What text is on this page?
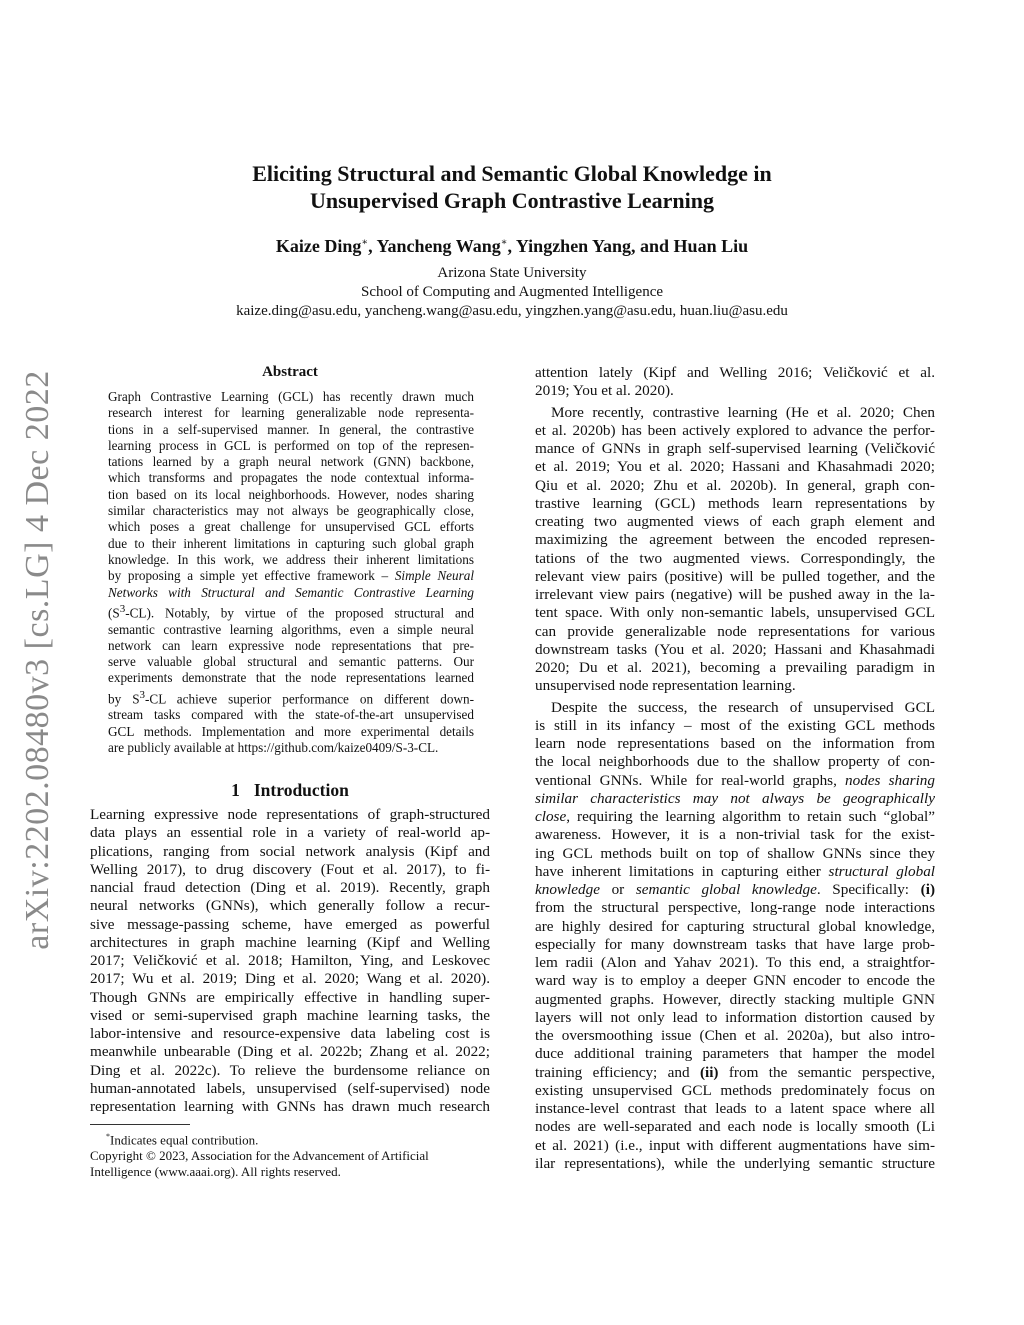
arXiv:2202.08480v3 [cs.LG] 4 Dec 2022
Eliciting Structural and Semantic Global Knowledge in
Unsupervised Graph Contrastive Learning
Kaize Ding∗, Yancheng Wang∗, Yingzhen Yang, and Huan Liu
Arizona State University
School of Computing and Augmented Intelligence
kaize.ding@asu.edu, yancheng.wang@asu.edu, yingzhen.yang@asu.edu, huan.liu@asu.edu
Abstract
Graph Contrastive Learning (GCL) has recently drawn much
research interest for learning generalizable node representa-
tions in a self-supervised manner. In general, the contrastive
learning process in GCL is performed on top of the represen-
tations learned by a graph neural network (GNN) backbone,
which transforms and propagates the node contextual informa-
tion based on its local neighborhoods. However, nodes sharing
similar characteristics may not always be geographically close,
which poses a great challenge for unsupervised GCL efforts
due to their inherent limitations in capturing such global graph
knowledge. In this work, we address their inherent limitations
by proposing a simple yet effective framework – Simple Neural
Networks with Structural and Semantic Contrastive Learning
$(S^3-CL)$. Notably, by virtue of the proposed structural and
semantic contrastive learning algorithms, even a simple neural
network can learn expressive node representations that pre-
serve valuable global structural and semantic patterns. Our
experiments demonstrate that the node representations learned
by $S^3-CL$ achieve superior performance on different down-
stream tasks compared with the state-of-the-art unsupervised
GCL methods. Implementation and more experimental details
are publicly available at https://github.com/kaize0409/S-3-CL.
1 Introduction
Learning expressive node representations of graph-structured
data plays an essential role in a variety of real-world ap-
plications, ranging from social network analysis (Kipf and
Welling 2017), to drug discovery (Fout et al. 2017), to fi-
nancial fraud detection (Ding et al. 2019). Recently, graph
neural networks (GNNs), which generally follow a recur-
sive message-passing scheme, have emerged as powerful
architectures in graph machine learning (Kipf and Welling
2017; Veličković et al. 2018; Hamilton, Ying, and Leskovec
2017; Wu et al. 2019; Ding et al. 2020; Wang et al. 2020).
Though GNNs are empirically effective in handling super-
vised or semi-supervised graph machine learning tasks, the
labor-intensive and resource-expensive data labeling cost is
meanwhile unbearable (Ding et al. 2022b; Zhang et al. 2022;
Ding et al. 2022c). To relieve the burdensome reliance on
human-annotated labels, unsupervised (self-supervised) node
representation learning with GNNs has drawn much research
*Indicates equal contribution.
Copyright © 2023, Association for the Advancement of Artificial
Intelligence (www.aaai.org). All rights reserved.
attention lately (Kipf and Welling 2016; Veličković et al.
2019; You et al. 2020).
More recently, contrastive learning (He et al. 2020; Chen
et al. 2020b) has been actively explored to advance the perfor-
mance of GNNs in graph self-supervised learning (Veličković
et al. 2019; You et al. 2020; Hassani and Khasahmadi 2020;
Qiu et al. 2020; Zhu et al. 2020b). In general, graph con-
trastive learning (GCL) methods learn representations by
creating two augmented views of each graph element and
maximizing the agreement between the encoded represen-
tations of the two augmented views. Correspondingly, the
relevant view pairs (positive) will be pulled together, and the
irrelevant view pairs (negative) will be pushed away in the la-
tent space. With only non-semantic labels, unsupervised GCL
can provide generalizable node representations for various
downstream tasks (You et al. 2020; Hassani and Khasahmadi
2020; Du et al. 2021), becoming a prevailing paradigm in
unsupervised node representation learning.
Despite the success, the research of unsupervised GCL
is still in its infancy – most of the existing GCL methods
learn node representations based on the information from
the local neighborhoods due to the shallow property of con-
ventional GNNs. While for real-world graphs, nodes sharing
similar characteristics may not always be geographically
close, requiring the learning algorithm to retain such “global”
awareness. However, it is a non-trivial task for the exist-
ing GCL methods built on top of shallow GNNs since they
have inherent limitations in capturing either structural global
knowledge or semantic global knowledge. Specifically: (i)
from the structural perspective, long-range node interactions
are highly desired for capturing structural global knowledge,
especially for many downstream tasks that have large prob-
lem radii (Alon and Yahav 2021). To this end, a straightfor-
ward way is to employ a deeper GNN encoder to encode the
augmented graphs. However, directly stacking multiple GNN
layers will not only lead to information distortion caused by
the oversmoothing issue (Chen et al. 2020a), but also intro-
duce additional training parameters that hamper the model
training efficiency; and (ii) from the semantic perspective,
existing unsupervised GCL methods predominately focus on
instance-level contrast that leads to a latent space where all
nodes are well-separated and each node is locally smooth (Li
et al. 2021) (i.e., input with different augmentations have sim-
ilar representations), while the underlying semantic structure
